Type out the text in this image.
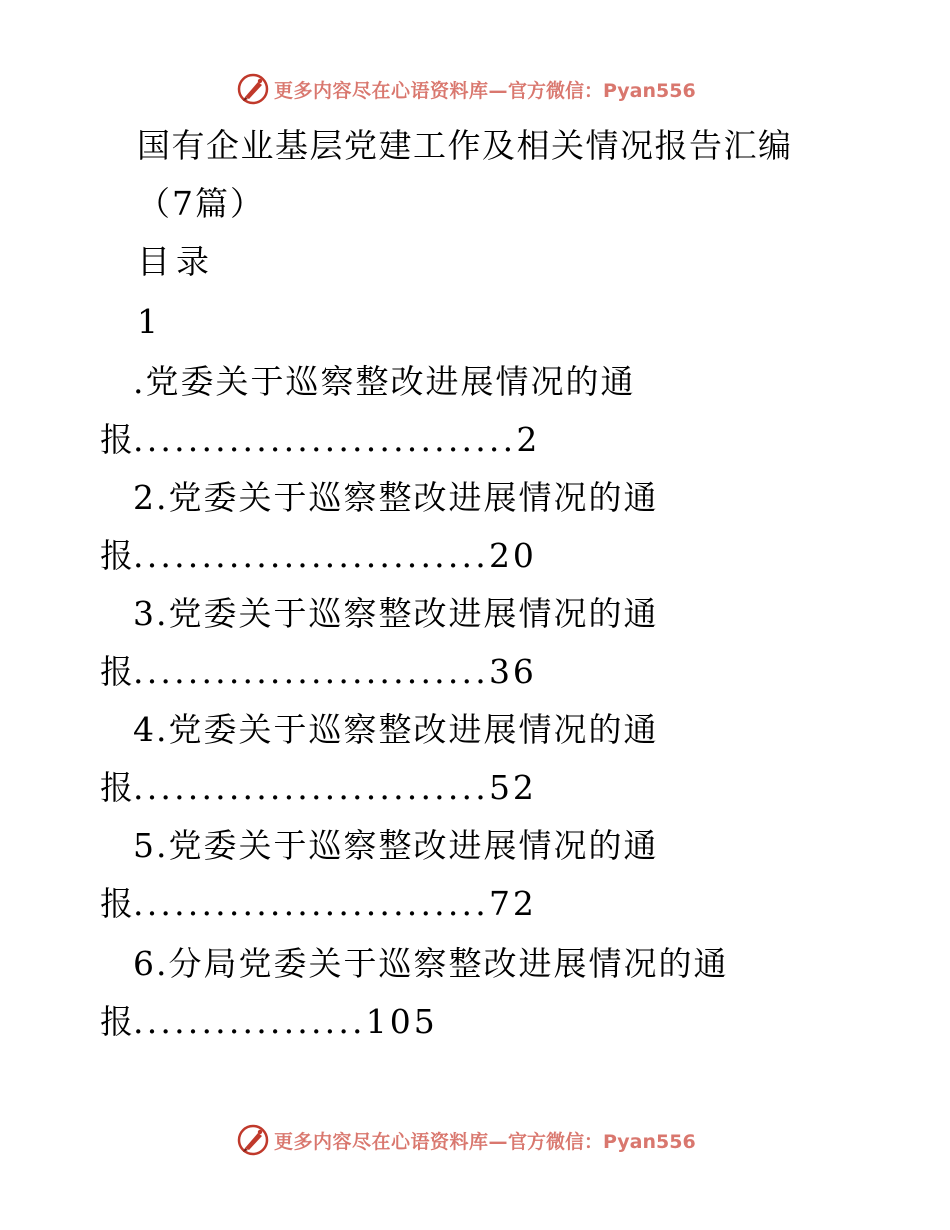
更多内容尽在心语资料库— 官方微信：Pyan556
国有企业基层党建工作及相关情况报告汇编
（7篇）
目录
1
.党委关于巡察整改进展情况的通
报............................2
2.党委关于巡察整改进展情况的通
报..........................20
3.党委关于巡察整改进展情况的通
报..........................36
4.党委关于巡察整改进展情况的通
报..........................52
5.党委关于巡察整改进展情况的通
报..........................72
6.分局党委关于巡察整改进展情况的通
报.................105
更多内容尽在心语资料库— 官方微信：Pyan556
